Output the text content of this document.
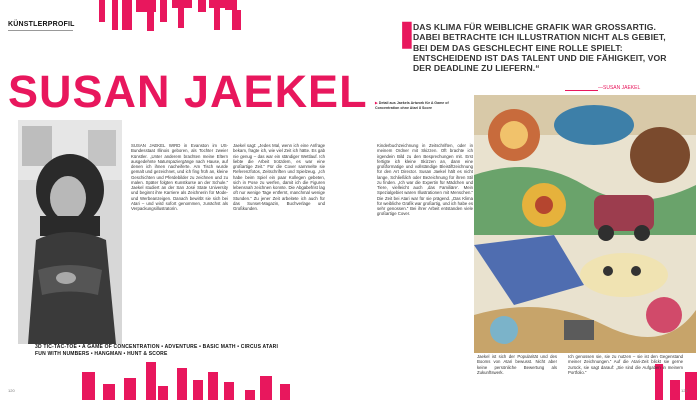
KÜNSTLERPROFIL
SUSAN JAEKEL
SUSAN JAEKEL WIRD in Evanston im US-Bundesstaat Illinois geboren, als Tochter zweier Künstler. „Unter anderem brachten meine Eltern ausgedehnte Naturspaziergänge nach Hause, auf denen ich ihnen nacheiferte. Am Tisch wurde gemalt und gezeichnet, und ich fing früh an, kleine Geschichten und Pferdebilder zu zeichnen und zu malen. Später folgten Kunstkurse an der Schule.“ Jaekel studiert an der San José State University und beginnt ihre Karriere als Zeichnerin für Mode- und Werbeanzeigen. Danach bewirbt sie sich bei Atari – und wird sofort genommen, zunächst als Verpackungsillustratorin.
Jaekel sagt: „Jedes Mal, wenn ich eine Anfrage bekam, fragte ich, wie viel Zeit ich hätte. Es gab nie genug – das war ein ständiger Wettlauf. Ich liebte die Arbeit trotzdem, es war eine großartige Zeit.“ Für die Cover sammelte sie Referenzfotos, Zeitschriften und Spielzeug. „Ich habe beim Spiel ein paar Kollegen gebeten, sich in Pose zu werfen, damit ich die Figuren lebensnah zeichnen konnte. Die Abgabefrist lag oft nur wenige Tage entfernt, manchmal wenige Stunden.“ Zu jener Zeit arbeitete ich auch für das Sunset-Magazin, Buchverlage und Großkunden.
3D TIC-TAC-TOE • A GAME OF CONCENTRATION • ADVENTURE • BASIC MATH • CIRCUS ATARI
FUN WITH NUMBERS • HANGMAN • HUNT & SCORE
120
❚
DAS KLIMA FÜR WEIBLICHE GRAFIK WAR GROSSARTIG. DABEI BETRACHTE ICH ILLUSTRATION NICHT ALS GEBIET, BEI DEM DAS GESCHLECHT EINE ROLLE SPIELT: ENTSCHEIDEND IST DAS TALENT UND DIE FÄHIGKEIT, VOR DER DEADLINE ZU LIEFERN.“
—SUSAN JAEKEL
▶ Detail aus Jaekels Artwork für A Game of Concentration ohne Atari 8 Score
Kinderbuchzeichnung in Zeitschriften, oder in meinem Ordner mit Skizzen. Oft brachte ich irgendein Bild zu den Besprechungen mit. Erst fertigte ich kleine Skizzen an, dann eine großformatige und vollständige Bleistiftzeichnung für den Art Director. Susan Jaekel hält es nicht lange, Schließlich oder Bezeichnung für ihren Stil zu finden. „Ich war die Expertin für Mädchen und Tiere, vielleicht auch ‚das Familiäre‘. Mein Spezialgebiet waren Illustrationen mit Menschen.“ Die Zeit bei Atari war für sie prägend. „Das Klima für weibliche Grafik war großartig, und ich habe es sehr genossen.“ Bei ihrer Arbeit entstanden viele großartige Cover.
Jaekel ist sich der Popularität und des Booms von Atari bewusst. Nicht aber keine persönliche Bewertung als Zukunftswerk.
Ich genossen sie, sie zu nutzen – sie ist den Gegenstand meiner Zeichnungen.“ Auf die Atari-Zeit blickt sie gerne zurück, sie sagt darauf: „Sie sind die Aufgaben in meinem Portfolio.“
121
